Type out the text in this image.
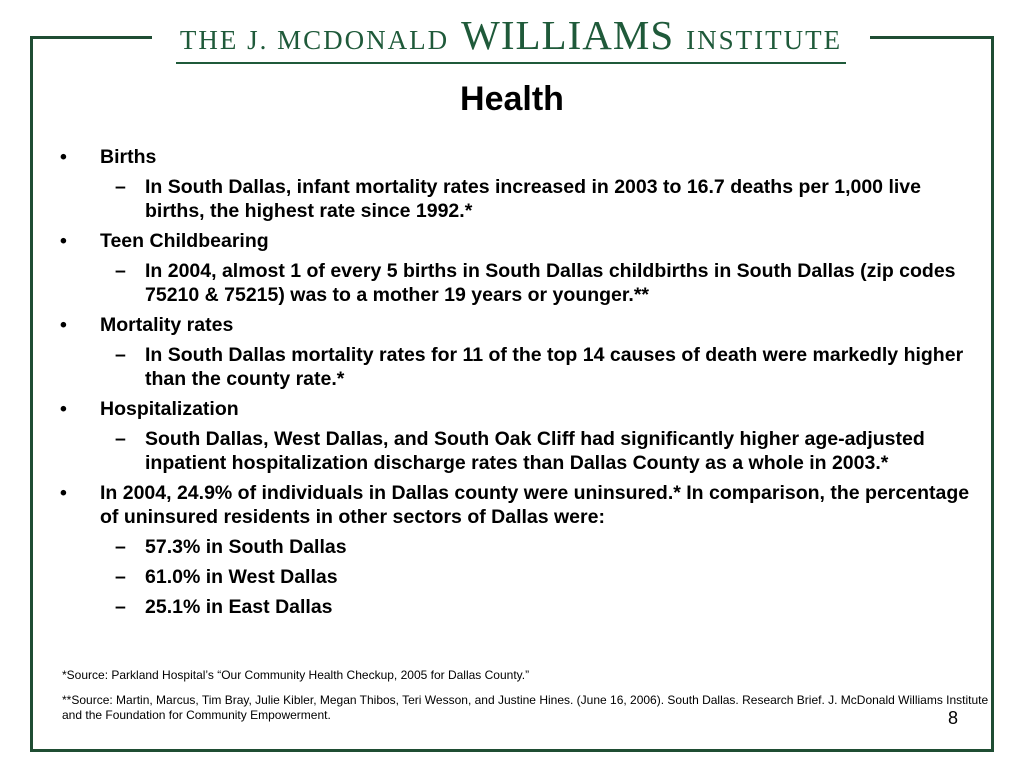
THE J. MCDONALD WILLIAMS INSTITUTE
Health
• Births
– In South Dallas, infant mortality rates increased in 2003 to 16.7 deaths per 1,000 live births, the highest rate since 1992.*
• Teen Childbearing
– In 2004, almost 1 of every 5 births in South Dallas childbirths in South Dallas (zip codes 75210 & 75215) was to a mother 19 years or younger.**
• Mortality rates
– In South Dallas mortality rates for 11 of the top 14 causes of death were markedly higher than the county rate.*
• Hospitalization
– South Dallas, West Dallas, and South Oak Cliff had significantly higher age-adjusted inpatient hospitalization discharge rates than Dallas County as a whole in 2003.*
• In 2004, 24.9% of individuals in Dallas county were uninsured.* In comparison, the percentage of uninsured residents in other sectors of Dallas were:
– 57.3% in South Dallas
– 61.0% in West Dallas
– 25.1% in East Dallas

*Source: Parkland Hospital’s “Our Community Health Checkup, 2005 for Dallas County.”

**Source: Martin, Marcus, Tim Bray, Julie Kibler, Megan Thibos, Teri Wesson, and Justine Hines. (June 16, 2006). South Dallas. Research Brief. J. McDonald Williams Institute and the Foundation for Community Empowerment.	8
